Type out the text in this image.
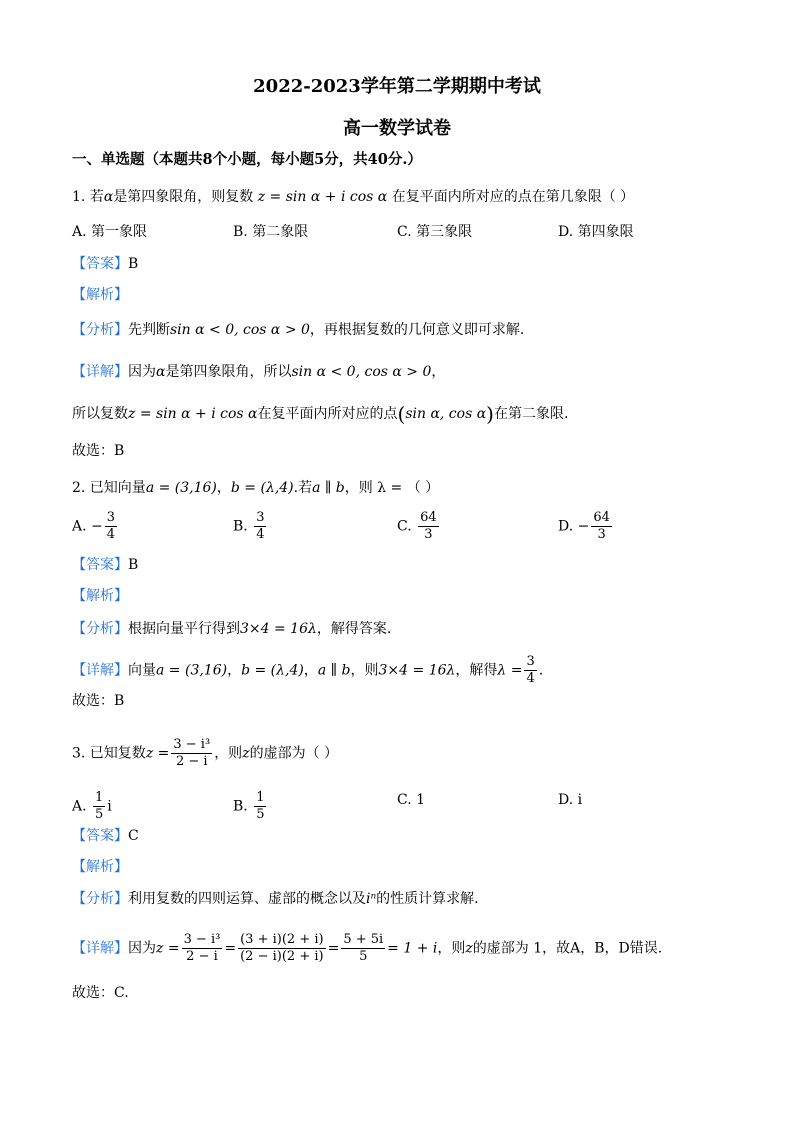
2022-2023学年第二学期期中考试
高一数学试卷
一、单选题（本题共8个小题，每小题5分，共40分.）
1. 若α是第四象限角，则复数 z = sin α + i cos α 在复平面内所对应的点在第几象限（ ）
A. 第一象限	B. 第二象限	C. 第三象限	D. 第四象限
【答案】B
【解析】
【分析】先判断sin α < 0, cos α > 0，再根据复数的几何意义即可求解.
【详解】因为α是第四象限角，所以sin α < 0, cos α > 0，
所以复数z = sin α + i cos α在复平面内所对应的点(sin α, cos α)在第二象限.
故选：B
2. 已知向量a = (3,16)，b = (λ,4).若a ∥ b，则 λ = （ ）
A. − $\frac{3}{4}$	B. $\frac{3}{4}$	C. $\frac{64}{3}$	D. − $\frac{64}{3}$
【答案】B
【解析】
【分析】根据向量平行得到3×4 = 16λ，解得答案.
【详解】向量a = (3,16)，b = (λ,4)，a ∥ b，则3×4 = 16λ，解得$\lambda = \frac{3}{4}$ .
故选：B
3. 已知复数$z = \frac{\text{3 − i³}}{2 - i}$ ，则z的虚部为（ ）
A. $\frac{1}{5}$ i	B. $\frac{1}{5}$	C. 1	D. i
【答案】C
【解析】
【分析】利用复数的四则运算、虚部的概念以及iⁿ的性质计算求解.
【详解】因为$z = \frac{\text{3 − i³}}{2 - i} = \frac{(3 + i)(2 + i)}{(2 - i)(2 + i)} = \frac{5 + 5i}{5} = 1 + i$，则z的虚部为 1，故A，B，D错误.
故选：C.
